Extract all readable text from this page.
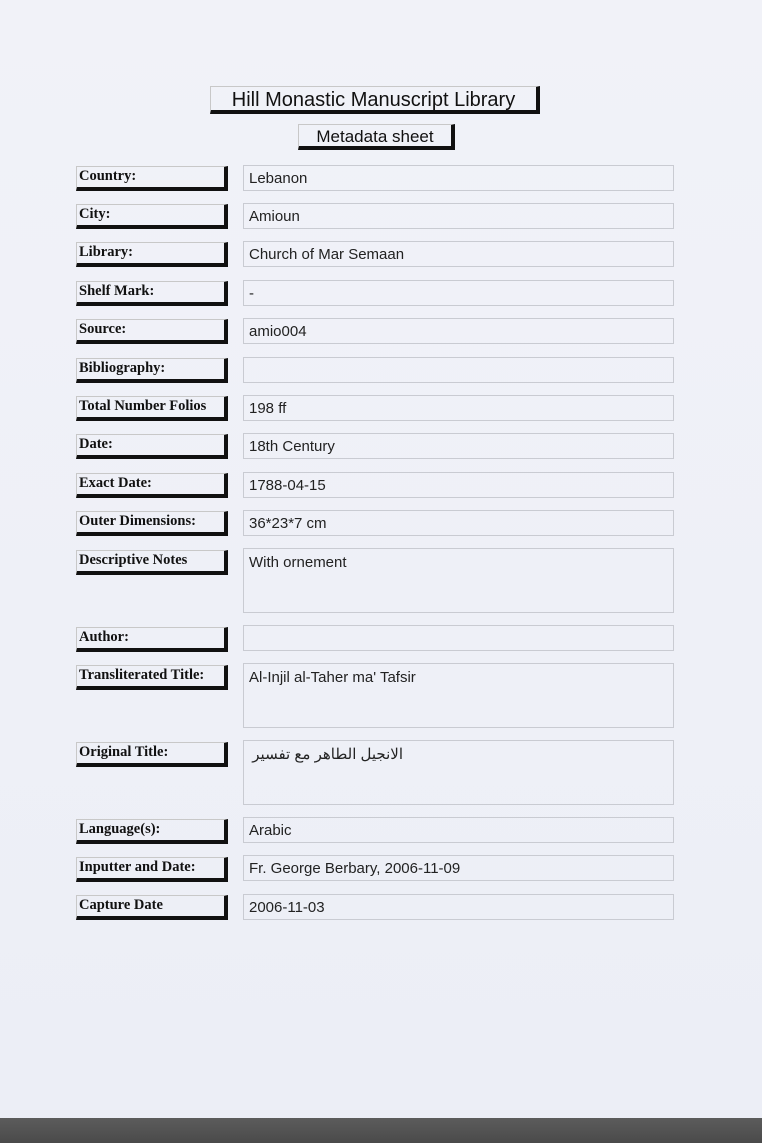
Hill Monastic Manuscript Library
Metadata sheet
Country:	Lebanon
City:	Amioun
Library:	Church of Mar Semaan
Shelf Mark:	-
Source:	amio004
Bibliography:
Total Number Folios	198 ff
Date:	18th Century
Exact Date:	1788-04-15
Outer Dimensions:	36*23*7 cm
Descriptive Notes	With ornement
Author:
Transliterated Title:	Al-Injil al-Taher ma' Tafsir
Original Title:	الانجيل الطاهر مع تفسير
Language(s):	Arabic
Inputter and Date:	Fr. George Berbary, 2006-11-09
Capture Date	2006-11-03
